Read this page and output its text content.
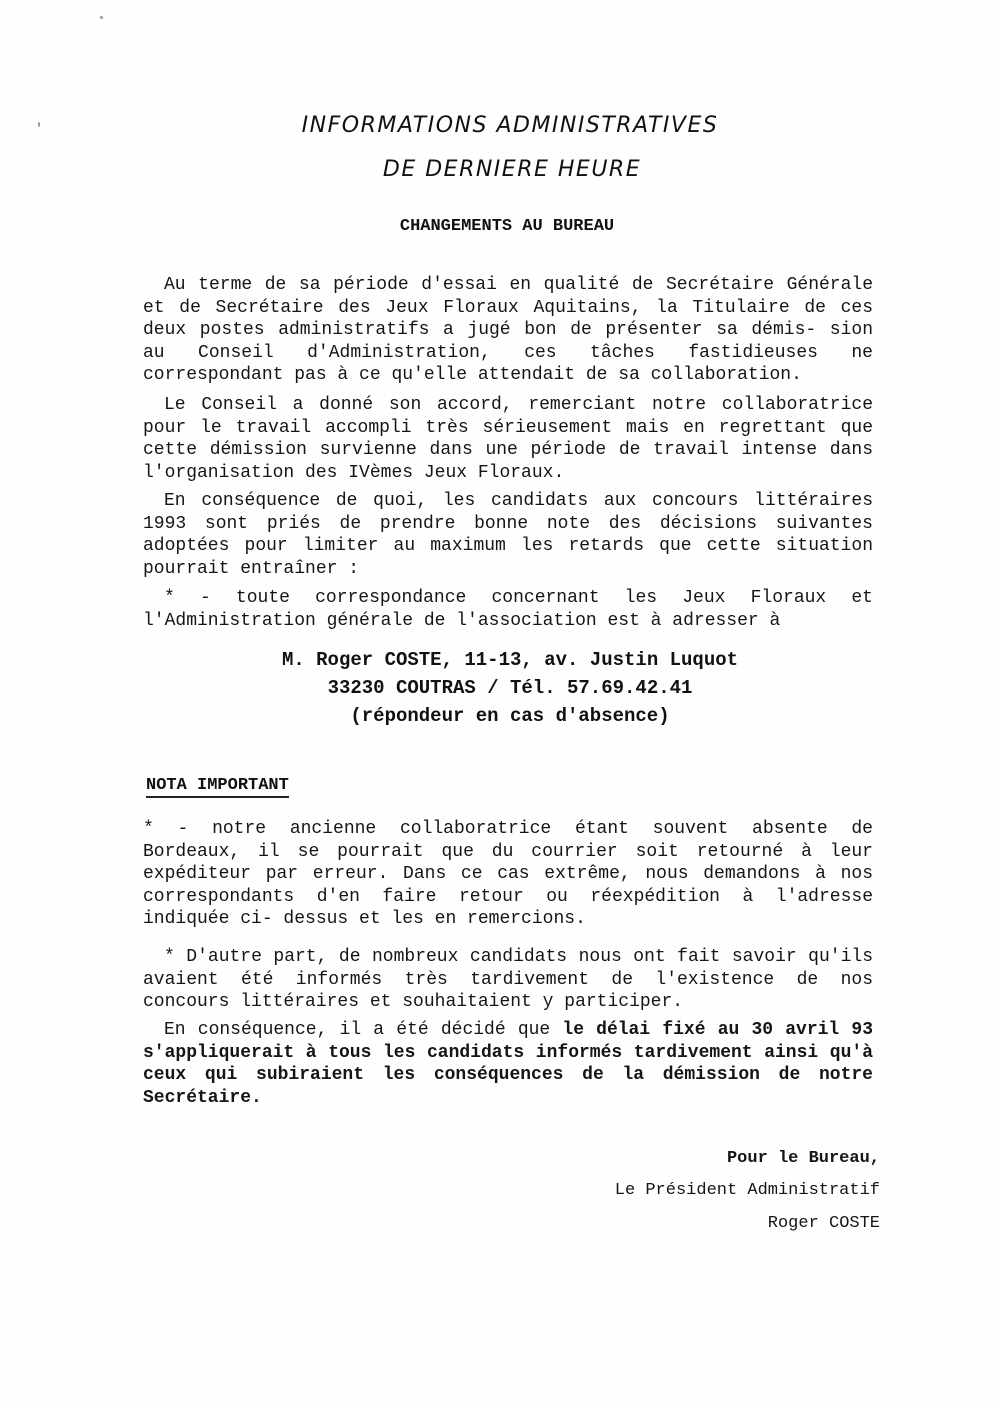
INFORMATIONS ADMINISTRATIVES
DE DERNIERE HEURE
CHANGEMENTS AU BUREAU
Au terme de sa période d'essai en qualité de Secrétaire Générale et de Secrétaire des Jeux Floraux Aquitains, la Titulaire de ces deux postes administratifs a jugé bon de présenter sa démis- sion au Conseil d'Administration, ces tâches fastidieuses ne correspondant pas à ce qu'elle attendait de sa collaboration.
Le Conseil a donné son accord, remerciant notre collaboratrice pour le travail accompli très sérieusement mais en regrettant que cette démission survienne dans une période de travail intense dans l'organisation des IVèmes Jeux Floraux.
En conséquence de quoi, les candidats aux concours littéraires 1993 sont priés de prendre bonne note des décisions suivantes adoptées pour limiter au maximum les retards que cette situation pourrait entraîner :
* - toute correspondance concernant les Jeux Floraux et l'Administration générale de l'association est à adresser à
M. Roger COSTE, 11-13, av. Justin Luquot
33230 COUTRAS / Tél. 57.69.42.41
(répondeur en cas d'absence)
NOTA IMPORTANT
* - notre ancienne collaboratrice étant souvent absente de Bordeaux, il se pourrait que du courrier soit retourné à leur expéditeur par erreur. Dans ce cas extrême, nous demandons à nos correspondants d'en faire retour ou réexpédition à l'adresse indiquée ci- dessus et les en remercions.
* D'autre part, de nombreux candidats nous ont fait savoir qu'ils avaient été informés très tardivement de l'existence de nos concours littéraires et souhaitaient y participer.
En conséquence, il a été décidé que le délai fixé au 30 avril 93 s'appliquerait à tous les candidats informés tardivement ainsi qu'à ceux qui subiraient les conséquences de la démission de notre Secrétaire.
Pour le Bureau,
Le Président Administratif
Roger COSTE
